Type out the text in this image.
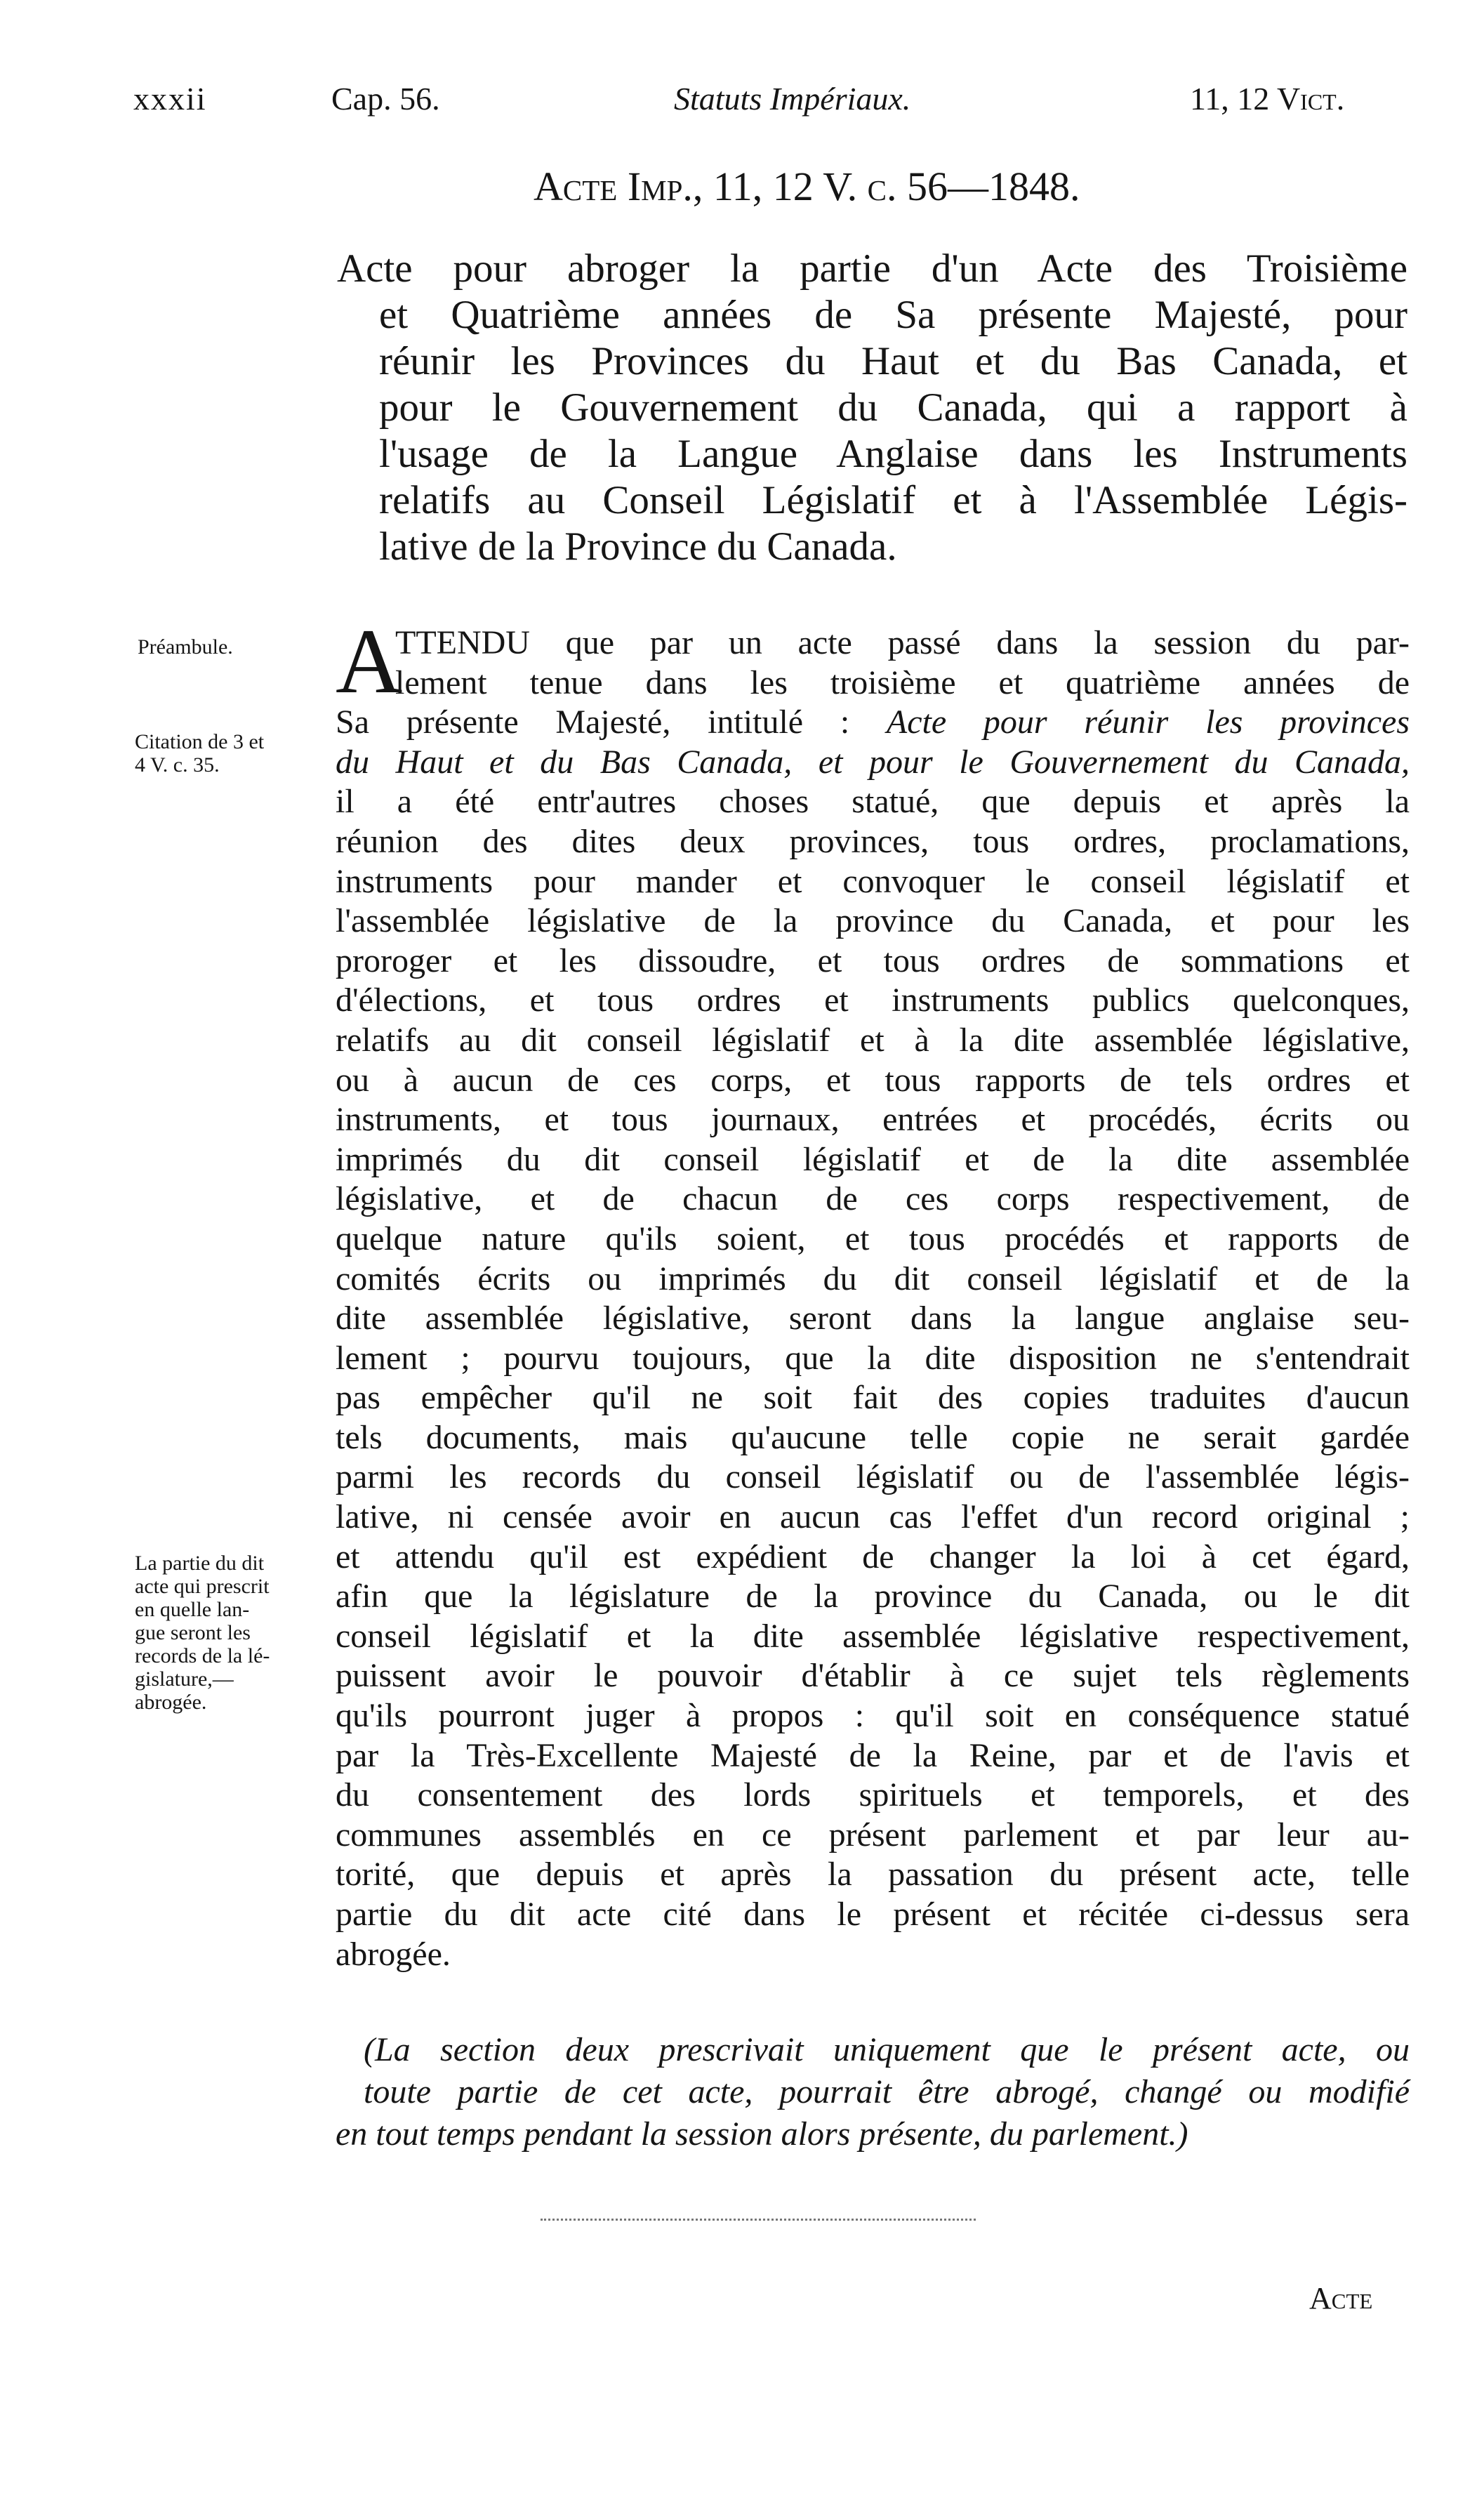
xxxii	Cap. 56.	Statuts Impériaux.	11, 12 Vict.
Acte Imp., 11, 12 V. c. 56—1848.
Acte pour abroger la partie d'un Acte des Troisième
et Quatrième années de Sa présente Majesté, pour
réunir les Provinces du Haut et du Bas Canada, et
pour le Gouvernement du Canada, qui a rapport à
l'usage de la Langue Anglaise dans les Instruments
relatifs au Conseil Législatif et à l'Assemblée Légis-
lative de la Province du Canada.
Préambule.
Citation de 3 et
4 V. c. 35.
La partie du dit
acte qui prescrit
en quelle lan-
gue seront les
records de la lé-
gislature,—
abrogée.
A
TTENDU que par un acte passé dans la session du par-
lement tenue dans les troisième et quatrième années de
Sa présente Majesté, intitulé : Acte pour réunir les provinces
du Haut et du Bas Canada, et pour le Gouvernement du Canada,
il a été entr'autres choses statué, que depuis et après la
réunion des dites deux provinces, tous ordres, proclamations,
instruments pour mander et convoquer le conseil législatif et
l'assemblée législative de la province du Canada, et pour les
proroger et les dissoudre, et tous ordres de sommations et
d'élections, et tous ordres et instruments publics quelconques,
relatifs au dit conseil législatif et à la dite assemblée législative,
ou à aucun de ces corps, et tous rapports de tels ordres et
instruments, et tous journaux, entrées et procédés, écrits ou
imprimés du dit conseil législatif et de la dite assemblée
législative, et de chacun de ces corps respectivement, de
quelque nature qu'ils soient, et tous procédés et rapports de
comités écrits ou imprimés du dit conseil législatif et de la
dite assemblée législative, seront dans la langue anglaise seu-
lement ; pourvu toujours, que la dite disposition ne s'entendrait
pas empêcher qu'il ne soit fait des copies traduites d'aucun
tels documents, mais qu'aucune telle copie ne serait gardée
parmi les records du conseil législatif ou de l'assemblée légis-
lative, ni censée avoir en aucun cas l'effet d'un record original ;
et attendu qu'il est expédient de changer la loi à cet égard,
afin que la législature de la province du Canada, ou le dit
conseil législatif et la dite assemblée législative respectivement,
puissent avoir le pouvoir d'établir à ce sujet tels règlements
qu'ils pourront juger à propos : qu'il soit en conséquence statué
par la Très-Excellente Majesté de la Reine, par et de l'avis et
du consentement des lords spirituels et temporels, et des
communes assemblés en ce présent parlement et par leur au-
torité, que depuis et après la passation du présent acte, telle
partie du dit acte cité dans le présent et récitée ci-dessus sera
abrogée.
(La section deux prescrivait uniquement que le présent acte, ou
toute partie de cet acte, pourrait être abrogé, changé ou modifié
en tout temps pendant la session alors présente, du parlement.)
Acte
